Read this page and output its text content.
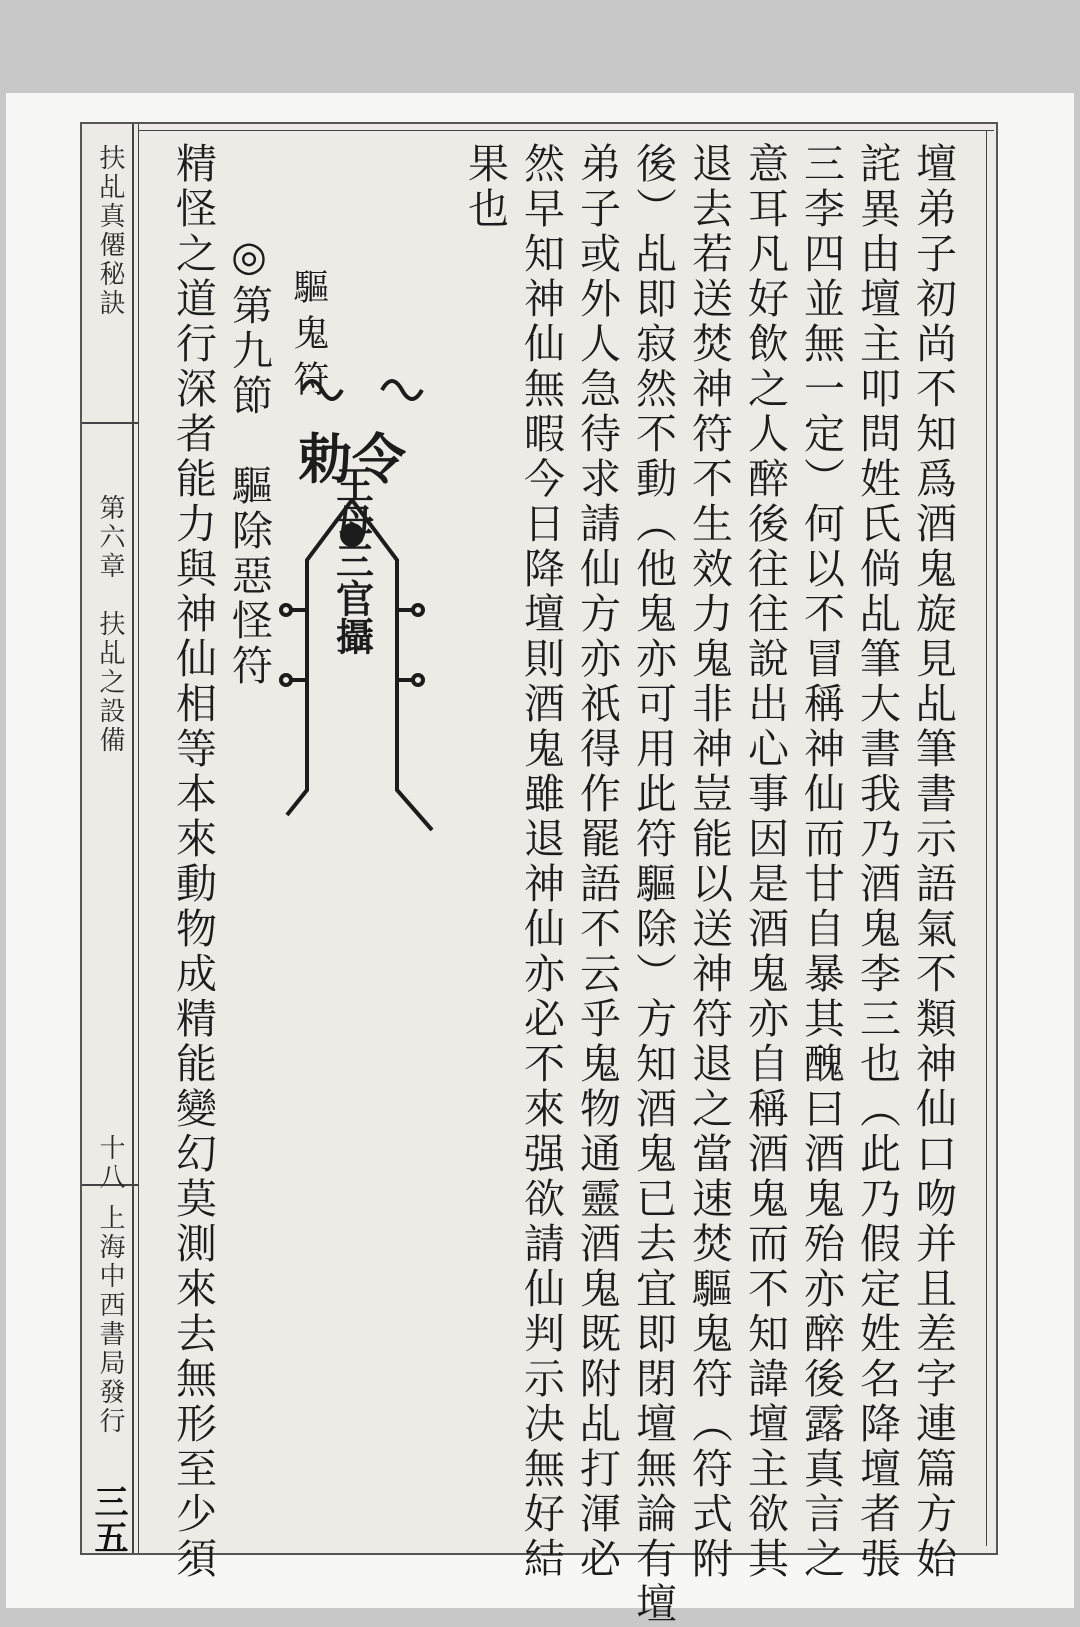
扶乩真僊秘訣
第六章　扶乩之設備
十八
上海中西書局發行	壇弟子初尚不知爲酒鬼旋見乩筆書示語氣不類神仙口吻并且差字連篇方始
詫異由壇主叩問姓氏倘乩筆大書我乃酒鬼李三也（此乃假定姓名降壇者張
三李四並無一定）何以不冒稱神仙而甘自暴其醜曰酒鬼殆亦醉後露真言之
意耳凡好飲之人醉後往往說出心事因是酒鬼亦自稱酒鬼而不知諱壇主欲其
退去若送焚神符不生效力鬼非神豈能以送神符退之當速焚驅鬼符（符式附
後）乩即寂然不動（他鬼亦可用此符驅除）方知酒鬼已去宜即閉壇無論有壇
弟子或外人急待求請仙方亦祇得作罷語不云乎鬼物通靈酒鬼既附乩打渾必
然早知神仙無暇今日降壇則酒鬼雖退神仙亦必不來强欲請仙判示决無好結
果也
驅鬼符
勅令
王母三官攝
◎第九節　驅除惡怪符
精怪之道行深者能力與神仙相等本來動物成精能變幻莫測來去無形至少須
三五
